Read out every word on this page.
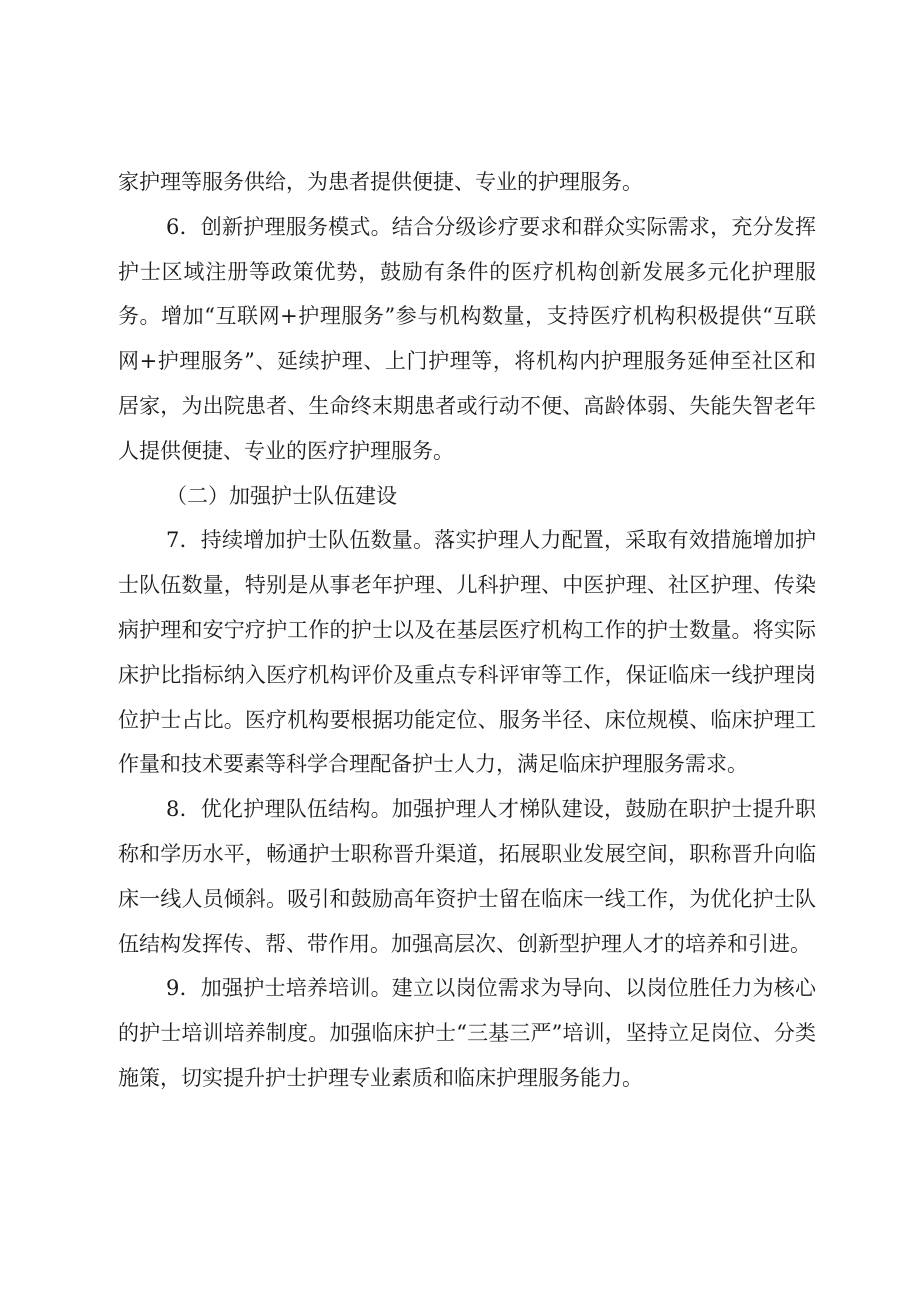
家护理等服务供给，为患者提供便捷、专业的护理服务。

6．创新护理服务模式。结合分级诊疗要求和群众实际需求，充分发挥护士区域注册等政策优势，鼓励有条件的医疗机构创新发展多元化护理服务。增加“互联网+护理服务”参与机构数量，支持医疗机构积极提供“互联网+护理服务”、延续护理、上门护理等，将机构内护理服务延伸至社区和居家，为出院患者、生命终末期患者或行动不便、高龄体弱、失能失智老年人提供便捷、专业的医疗护理服务。

（二）加强护士队伍建设

7．持续增加护士队伍数量。落实护理人力配置，采取有效措施增加护士队伍数量，特别是从事老年护理、儿科护理、中医护理、社区护理、传染病护理和安宁疗护工作的护士以及在基层医疗机构工作的护士数量。将实际床护比指标纳入医疗机构评价及重点专科评审等工作，保证临床一线护理岗位护士占比。医疗机构要根据功能定位、服务半径、床位规模、临床护理工作量和技术要素等科学合理配备护士人力，满足临床护理服务需求。

8．优化护理队伍结构。加强护理人才梯队建设，鼓励在职护士提升职称和学历水平，畅通护士职称晋升渠道，拓展职业发展空间，职称晋升向临床一线人员倾斜。吸引和鼓励高年资护士留在临床一线工作，为优化护士队伍结构发挥传、帮、带作用。加强高层次、创新型护理人才的培养和引进。

9．加强护士培养培训。建立以岗位需求为导向、以岗位胜任力为核心的护士培训培养制度。加强临床护士“三基三严”培训，坚持立足岗位、分类施策，切实提升护士护理专业素质和临床护理服务能力。
